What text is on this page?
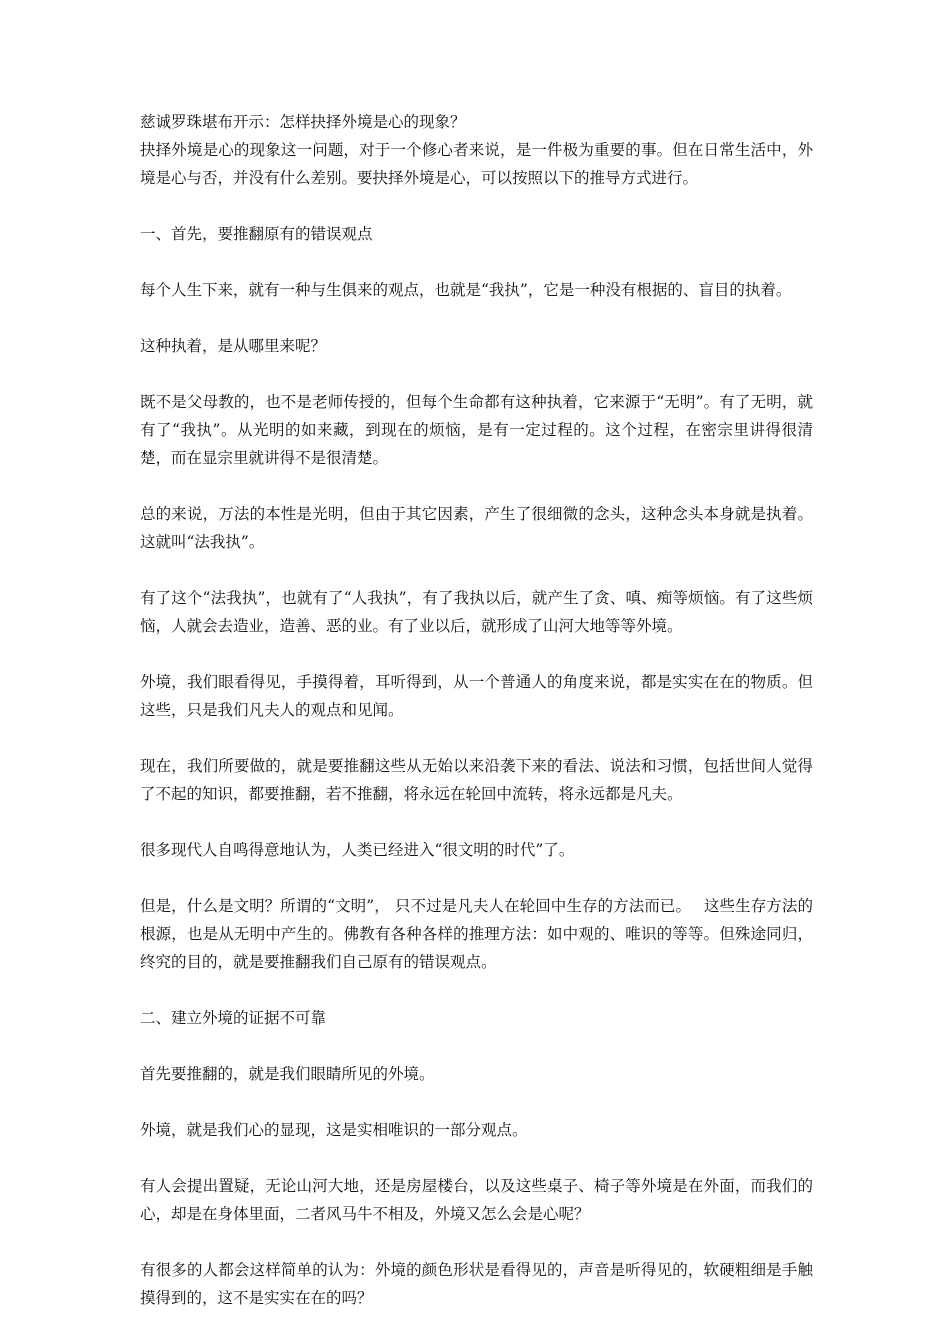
慈诚罗珠堪布开示：怎样抉择外境是心的现象？

抉择外境是心的现象这一问题，对于一个修心者来说，是一件极为重要的事。但在日常生活中，外境是心与否，并没有什么差别。要抉择外境是心，可以按照以下的推导方式进行。

一、首先，要推翻原有的错误观点

每个人生下来，就有一种与生俱来的观点，也就是“我执”，它是一种没有根据的、盲目的执着。

这种执着，是从哪里来呢？

既不是父母教的，也不是老师传授的，但每个生命都有这种执着，它来源于“无明”。有了无明，就有了“我执”。从光明的如来藏，到现在的烦恼，是有一定过程的。这个过程，在密宗里讲得很清楚，而在显宗里就讲得不是很清楚。

总的来说，万法的本性是光明，但由于其它因素，产生了很细微的念头，这种念头本身就是执着。这就叫“法我执”。

有了这个“法我执”，也就有了“人我执”，有了我执以后，就产生了贪、嗔、痴等烦恼。有了这些烦恼，人就会去造业，造善、恶的业。有了业以后，就形成了山河大地等等外境。

外境，我们眼看得见，手摸得着，耳听得到，从一个普通人的角度来说，都是实实在在的物质。但这些，只是我们凡夫人的观点和见闻。

现在，我们所要做的，就是要推翻这些从无始以来沿袭下来的看法、说法和习惯，包括世间人觉得了不起的知识，都要推翻，若不推翻，将永远在轮回中流转，将永远都是凡夫。

很多现代人自鸣得意地认为，人类已经进入“很文明的时代”了。

但是，什么是文明？所谓的“文明”， 只不过是凡夫人在轮回中生存的方法而已。　 这些生存方法的根源，也是从无明中产生的。佛教有各种各样的推理方法：如中观的、唯识的等等。但殊途同归，终究的目的，就是要推翻我们自己原有的错误观点。

二、建立外境的证据不可靠

首先要推翻的，就是我们眼睛所见的外境。

外境，就是我们心的显现，这是实相唯识的一部分观点。

有人会提出置疑，无论山河大地，还是房屋楼台，以及这些桌子、椅子等外境是在外面，而我们的心，却是在身体里面，二者风马牛不相及，外境又怎么会是心呢？

有很多的人都会这样简单的认为：外境的颜色形状是看得见的，声音是听得见的，软硬粗细是手触摸得到的，这不是实实在在的吗？
